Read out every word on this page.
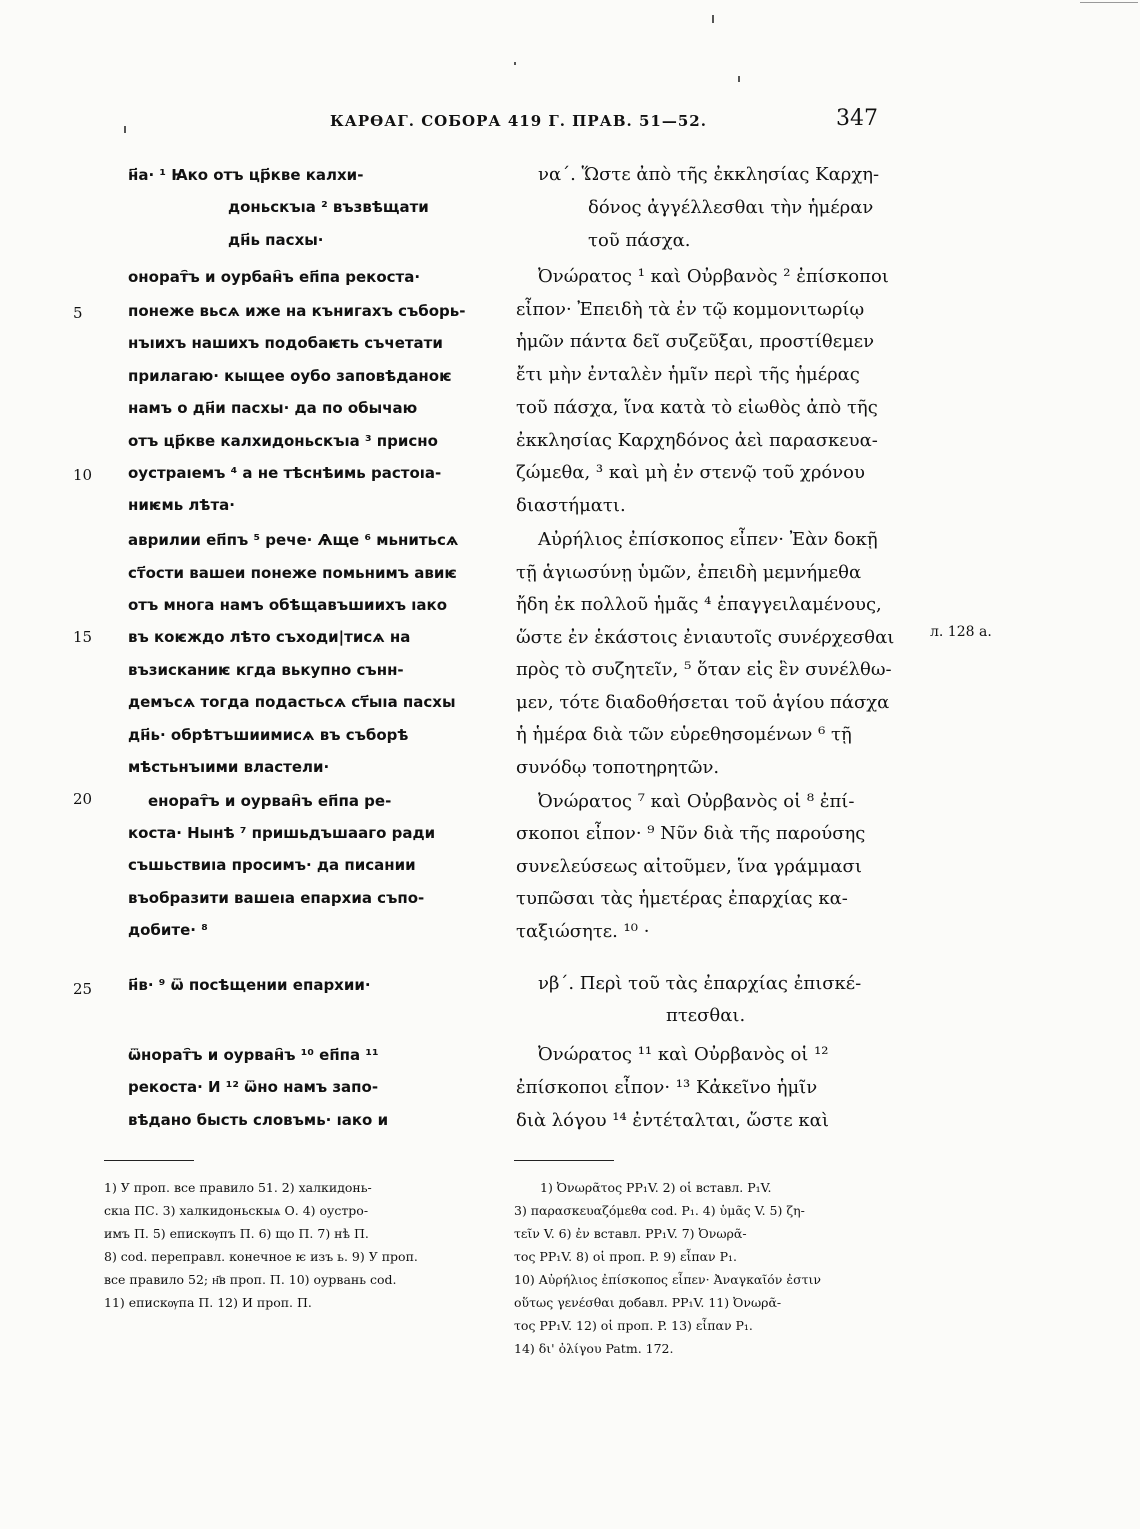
КАРѲАГ. СОБОРА 419 Г. ПРАВ. 51—52.	347
5
10
15
20
25
л. 128 а.
н҃а· ¹ Ꙗко отъ цр҃кве калхи-
доньскъıа ² възвѣщати
дн҃ь пасхы·
онорат҄ъ и оурбан҄ъ еп҃па рекоста·
понеже вьсѧ иже на кънигахъ съборь-
нъıихъ нашихъ подобаѥть съчетати
прилагаю· кыщее оубо заповѣданоѥ
намъ о дн҃и пасхы· да по обычаю
отъ цр҃кве калхидоньскъıа ³ присно
оустраıемъ ⁴ а не тѣснѣимь растоıа-
ниѥмь лѣта·
аврилии еп҃пъ ⁵ рече· Ѧще ⁶ мьнитьсѧ
ст҃ости вашеи понеже помьнимъ авиѥ
отъ многа намъ обѣщавъшиихъ ıако
въ коѥждо лѣто съходи|тисѧ на
възисканиѥ кгда вькупно сънн-
демъсѧ тогда подастьсѧ ст҃ыıа пасхы
дн҃ь· обрѣтъшиимисѧ въ съборѣ
мѣстьнъıими властели·
енорат҄ъ и оурван҄ъ еп҃па ре-
коста· Нынѣ ⁷ пришьдъшааго ради
съшьствиıа просимъ· да писании
въобразити вашеıа епархиа съпо-
добите· ⁸
н҃в· ⁹ ѿ посѣщении епархии·
ѿнорат҄ъ и оурван҄ъ ¹⁰ еп҃па ¹¹
рекоста· И ¹² ѿно намъ запо-
вѣдано бысть словъмь· ıако и
να΄. Ὥστε ἀπὸ τῆς ἐκκλησίας Καρχη-
δόνος ἀγγέλλεσθαι τὴν ἡμέραν
τοῦ πάσχα.
Ὀνώρατος ¹ καὶ Οὐρβανὸς ² ἐπίσκοποι
εἶπον· Ἐπειδὴ τὰ ἐν τῷ κομμονιτωρίῳ
ἡμῶν πάντα δεῖ συζεῦξαι, προστίθεμεν
ἔτι μὴν ἐνταλὲν ἡμῖν περὶ τῆς ἡμέρας
τοῦ πάσχα, ἵνα κατὰ τὸ εἰωθὸς ἀπὸ τῆς
ἐκκλησίας Καρχηδόνος ἀεὶ παρασκευα-
ζώμεθα, ³ καὶ μὴ ἐν στενῷ τοῦ χρόνου
διαστήματι.
Αὐρήλιος ἐπίσκοπος εἶπεν· Ἐὰν δοκῇ
τῇ ἁγιωσύνῃ ὑμῶν, ἐπειδὴ μεμνήμεθα
ἤδη ἐκ πολλοῦ ἡμᾶς ⁴ ἐπαγγειλαμένους,
ὥστε ἐν ἑκάστοις ἐνιαυτοῖς συνέρχεσθαι
πρὸς τὸ συζητεῖν, ⁵ ὅταν εἰς ἓν συνέλθω-
μεν, τότε διαδοθήσεται τοῦ ἁγίου πάσχα
ἡ ἡμέρα διὰ τῶν εὑρεθησομένων ⁶ τῇ
συνόδῳ τοποτηρητῶν.
Ὀνώρατος ⁷ καὶ Οὐρβανὸς οἱ ⁸ ἐπί-
σκοποι εἶπον· ⁹ Νῦν διὰ τῆς παρούσης
συνελεύσεως αἰτοῦμεν, ἵνα γράμμασι
τυπῶσαι τὰς ἡμετέρας ἐπαρχίας κα-
ταξιώσητε. ¹⁰ ·
νβ΄. Περὶ τοῦ τὰς ἐπαρχίας ἐπισκέ-
πτεσθαι.
Ὀνώρατος ¹¹ καὶ Οὐρβανὸς οἱ ¹²
ἐπίσκοποι εἶπον· ¹³ Κἀκεῖνο ἡμῖν
διὰ λόγου ¹⁴ ἐντέταλται, ὥστε καὶ
1) У проп. все правило 51. 2) халкидонь-
скıа ПС. 3) халкидоньскыѧ О. 4) оустро-
имъ П. 5) епискѹпъ П. 6) що П. 7) нѣ П.
8) cod. переправл. конечное ѥ изъ ь. 9) У проп.
все правило 52; н҃в проп. П. 10) оурвань cod.
11) епискѹпа П. 12) И проп. П.
1) Ὀνωρᾶτος PP₁V. 2) οἱ вставл. P₁V.
3) παρασκευαζόμεθα cod. P₁. 4) ὑμᾶς V. 5) ζη-
τεῖν V. 6) ἐν вставл. PP₁V. 7) Ὀνωρᾶ-
τος PP₁V. 8) οἱ проп. P. 9) εἶπαν P₁.
10) Αὐρήλιος ἐπίσκοπος εἶπεν· Ἀναγκαῖόν ἐστιν
οὕτως γενέσθαι добавл. PP₁V. 11) Ὀνωρᾶ-
τος PP₁V. 12) οἱ проп. P. 13) εἶπαν P₁.
14) δι' ὀλίγου Patm. 172.
